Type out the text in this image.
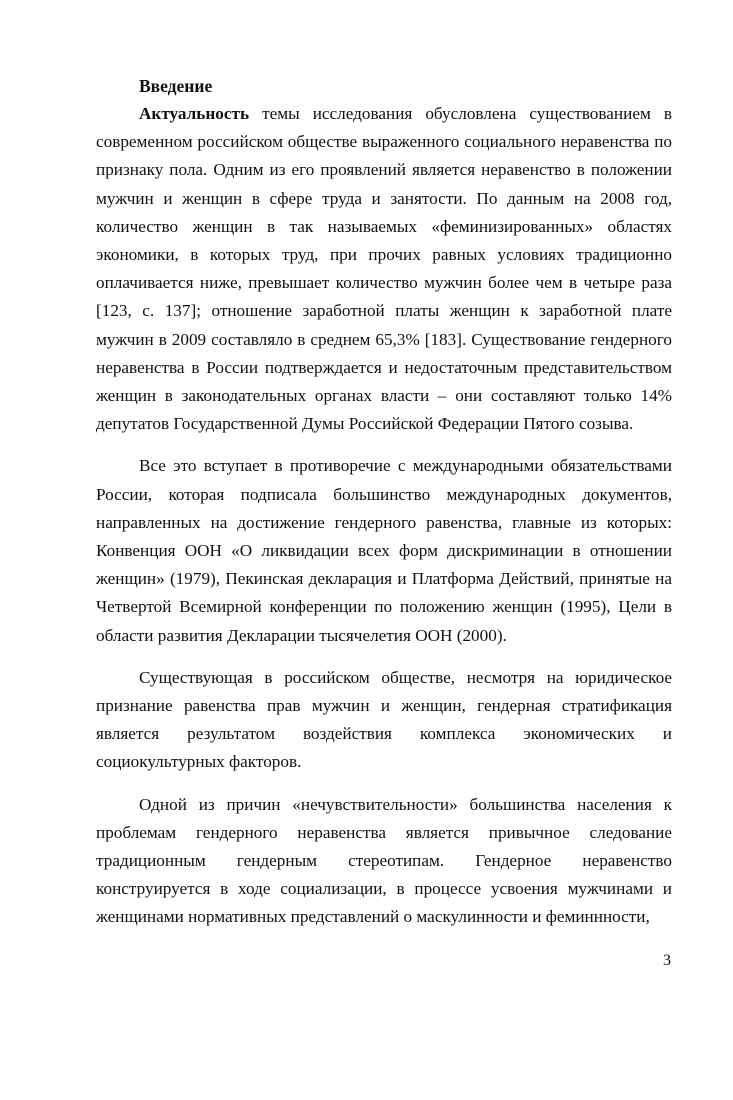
Введение

Актуальность темы исследования обусловлена существованием в современном российском обществе выраженного социального неравенства по признаку пола. Одним из его проявлений является неравенство в положении мужчин и женщин в сфере труда и занятости. По данным на 2008 год, количество женщин в так называемых «феминизированных» областях экономики, в которых труд, при прочих равных условиях традиционно оплачивается ниже, превышает количество мужчин более чем в четыре раза [123, с. 137]; отношение заработной платы женщин к заработной плате мужчин в 2009 составляло в среднем 65,3% [183]. Существование гендерного неравенства в России подтверждается и недостаточным представительством женщин в законодательных органах власти – они составляют только 14% депутатов Государственной Думы Российской Федерации Пятого созыва.

Все это вступает в противоречие с международными обязательствами России, которая подписала большинство международных документов, направленных на достижение гендерного равенства, главные из которых: Конвенция ООН «О ликвидации всех форм дискриминации в отношении женщин» (1979), Пекинская декларация и Платформа Действий, принятые на Четвертой Всемирной конференции по положению женщин (1995), Цели в области развития Декларации тысячелетия ООН (2000).

Существующая в российском обществе, несмотря на юридическое признание равенства прав мужчин и женщин, гендерная стратификация является результатом воздействия комплекса экономических и социокультурных факторов.

Одной из причин «нечувствительности» большинства населения к проблемам гендерного неравенства является привычное следование традиционным гендерным стереотипам. Гендерное неравенство конструируется в ходе социализации, в процессе усвоения мужчинами и женщинами нормативных представлений о маскулинности и феминнности,

3
